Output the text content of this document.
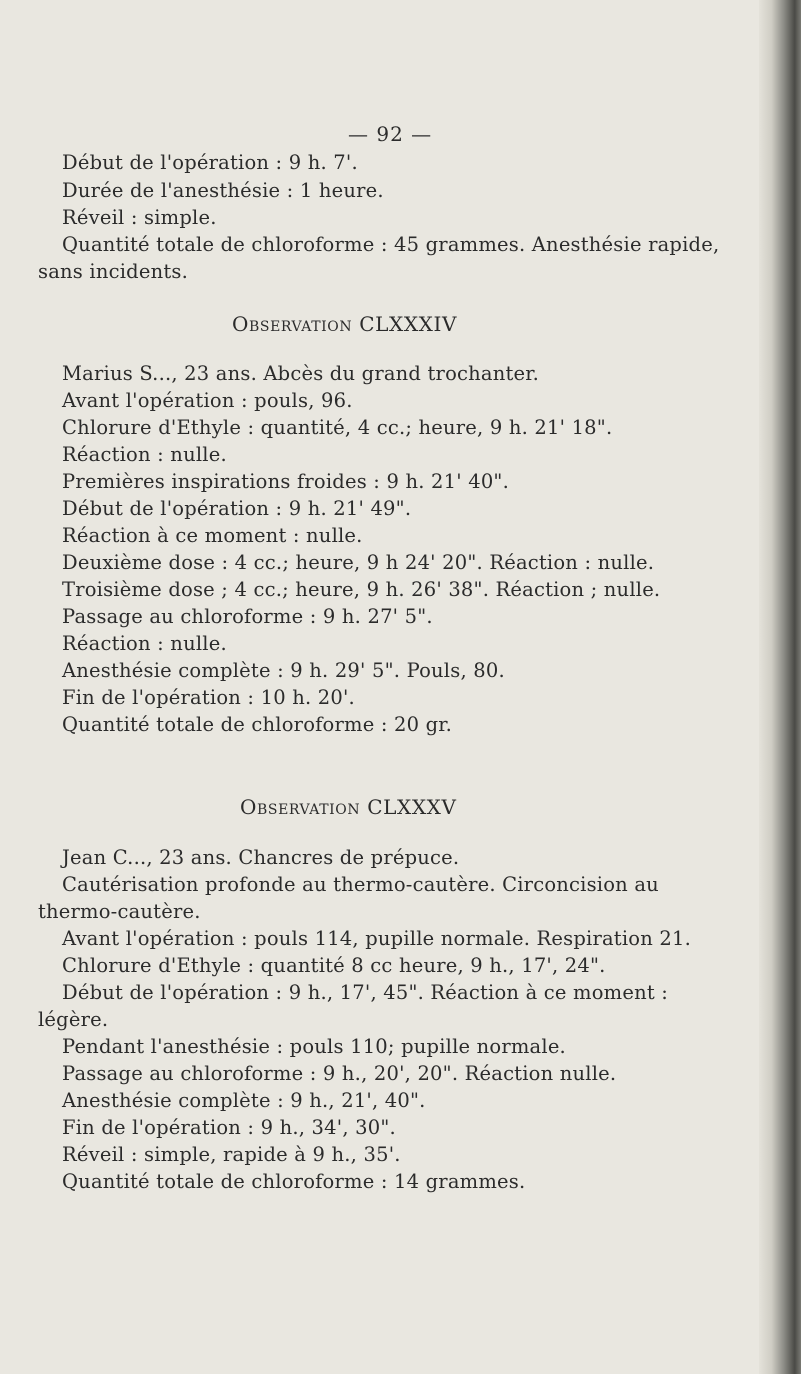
— 92 —
Début de l'opération : 9 h. 7'.
Durée de l'anesthésie : 1 heure.
Réveil : simple.
Quantité totale de chloroforme : 45 grammes. Anesthésie rapide,
sans incidents.
Observation CLXXXIV
Marius S..., 23 ans. Abcès du grand trochanter.
Avant l'opération : pouls, 96.
Chlorure d'Ethyle : quantité, 4 cc.; heure, 9 h. 21' 18".
Réaction : nulle.
Premières inspirations froides : 9 h. 21' 40".
Début de l'opération : 9 h. 21' 49".
Réaction à ce moment : nulle.
Deuxième dose : 4 cc.; heure, 9 h 24' 20". Réaction : nulle.
Troisième dose ; 4 cc.; heure, 9 h. 26' 38". Réaction ; nulle.
Passage au chloroforme : 9 h. 27' 5".
Réaction : nulle.
Anesthésie complète : 9 h. 29' 5". Pouls, 80.
Fin de l'opération : 10 h. 20'.
Quantité totale de chloroforme : 20 gr.
Observation CLXXXV
Jean C..., 23 ans. Chancres de prépuce.
Cautérisation profonde au thermo-cautère. Circoncision au
thermo-cautère.
Avant l'opération : pouls 114, pupille normale. Respiration 21.
Chlorure d'Ethyle : quantité 8 cc heure, 9 h., 17', 24".
Début de l'opération : 9 h., 17', 45". Réaction à ce moment :
légère.
Pendant l'anesthésie : pouls 110; pupille normale.
Passage au chloroforme : 9 h., 20', 20". Réaction nulle.
Anesthésie complète : 9 h., 21', 40".
Fin de l'opération : 9 h., 34', 30".
Réveil : simple, rapide à 9 h., 35'.
Quantité totale de chloroforme : 14 grammes.
